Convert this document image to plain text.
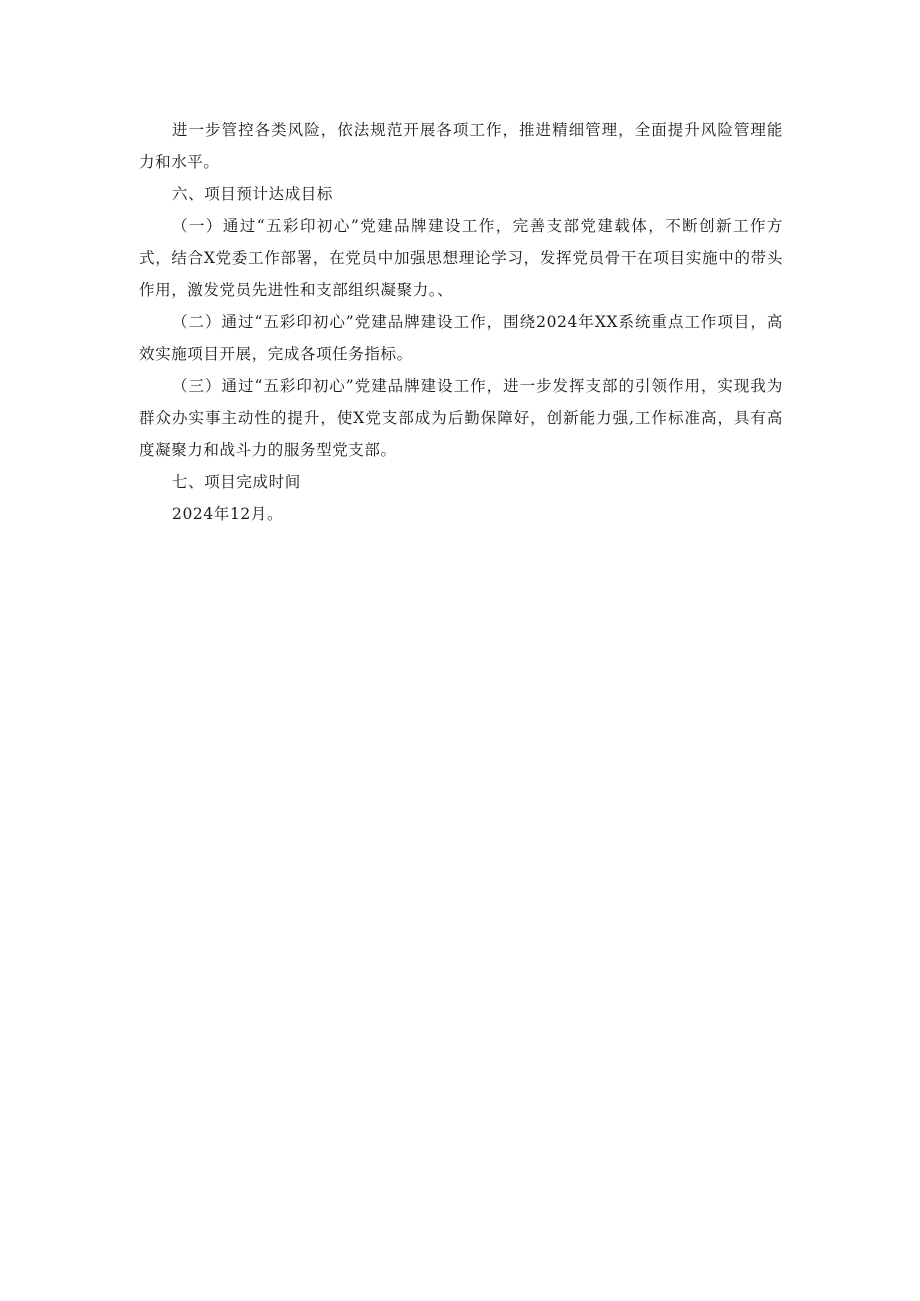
进一步管控各类风险，依法规范开展各项工作，推进精细管理，全面提升风险管理能力和水平。

六、项目预计达成目标

（一）通过“五彩印初心”党建品牌建设工作，完善支部党建载体，不断创新工作方式，结合X党委工作部署，在党员中加强思想理论学习，发挥党员骨干在项目实施中的带头作用，激发党员先进性和支部组织凝聚力。、

（二）通过“五彩印初心”党建品牌建设工作，围绕2024年XX系统重点工作项目，高效实施项目开展，完成各项任务指标。

（三）通过“五彩印初心”党建品牌建设工作，进一步发挥支部的引领作用，实现我为群众办实事主动性的提升，使X党支部成为后勤保障好，创新能力强,工作标准高，具有高度凝聚力和战斗力的服务型党支部。

七、项目完成时间

2024年12月。
